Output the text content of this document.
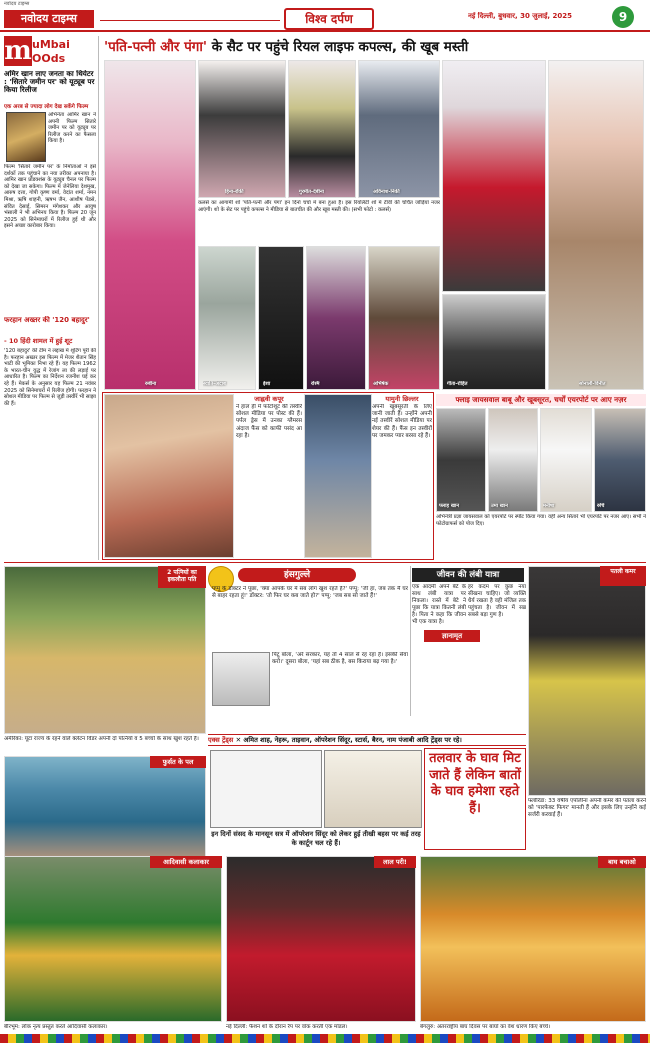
नवोदय टाइम्स
नवोदय टाइम्स	विश्व दर्पण	नई दिल्ली, बुधवार, 30 जुलाई, 2025	9
m uMbai
OOds
अमिर खान लाए जनता का थियेटर : 'सितारे जमीन पर' को यूट्यूब पर किया रिलीज
एक अरब से ज्यादा लोग देख सकेंगे फिल्म
अभिनेता आमिर खान ने अपनी फिल्म सितारे जमीन पर को यूट्यूब पर रिलीज करने का फैसला किया है।
फिल्म 'सितारे जमीन पर' के निर्माताओं ने इसे दर्शकों तक पहुंचाने का नया तरीका अपनाया है। आमिर खान प्रोडक्शंस के यूट्यूब चैनल पर फिल्म को देखा जा सकेगा। फिल्म में जेनेलिया देशमुख, आरुष दत्ता, गोपी कृष्ण वर्मा, वेदांत शर्मा, नमन मिश्रा, ऋषि शाहनी, ऋषभ जैन, आशीष पेंडसे, संवित देसाई, सिमरन मंगेशकर और आयुष भंसाली ने भी अभिनय किया है। फिल्म 20 जून 2025 को सिनेमाघरों में रिलीज हुई थी और इसने अच्छा कारोबार किया।
फरहान अख्तर की '120 बहादुर'
- 10 हिंदी शामल में हुई शूट
'120 बहादुर' की टीम ने लद्दाख में शूटिंग पूरी की है। फरहान अख्तर इस फिल्म में मेजर शैतान सिंह भाटी की भूमिका निभा रहे हैं। यह फिल्म 1962 के भारत-चीन युद्ध में रेजांग ला की लड़ाई पर आधारित है। फिल्म का निर्देशन रजनीश घई कर रहे हैं। मेकर्स के अनुसार यह फिल्म 21 नवंबर 2025 को सिनेमाघरों में रिलीज होगी। फरहान ने सोशल मीडिया पर फिल्म से जुड़ी तस्वीरें भी साझा की हैं।
'पति-पत्नी और पंगा' के सैट पर पहुंचे रियल लाइफ कपल्स, की खूब मस्ती
रुबीना
हिना-रॉकी	गुरमीत-देबीना	अविनाश-निकी
सोनाली-विनीत
कलर्स का आगामी शो 'पति-पत्नी और पंगा' इन दिनों चर्चा में बना हुआ है। इस रियलिटी शो में टीवी की चर्चित जोड़ियां नजर आएंगी। शो के सेट पर पहुंचे कपल्स ने मीडिया से बातचीत की और खूब मस्ती की। (सभी फोटो : कलर्स)
स्वाति-अदाब	ईशा	रश्मि	अभिषेक	गीता-रोहित
जाह्नवी कपूर
ने हाल ही में फोटोशूट की तस्वीरें सोशल मीडिया पर पोस्ट की हैं। पर्पल ड्रेस में उनका ग्लैमरस अंदाज फैंस को काफी पसंद आ रहा है।
यामुनी छिल्लर
अपनी खूबसूरती के लिए जानी जाती हैं। उन्होंने अपनी नई तस्वीरें सोशल मीडिया पर शेयर की हैं। फैंस इन तस्वीरों पर जमकर प्यार बरसा रहे हैं।
फ्लाइ जायसवाल बाबू और खूबसूरत, चर्चों एयरपोर्ट पर आए नज़र
फ्लाह खान	उमा खान	मनीषा	रुचि
अभिनेत्री प्रज्ञा जायसवाल को एयरपोर्ट पर स्पॉट किया गया। वहीं अन्य सितारे भी एयरपोर्ट पर नजर आए। सभी ने फोटोग्राफर्स को पोज दिए।
2 पत्नियों का इकलौता पति
अमेरिका: यूटा राज्य के रहने वाले क्लेटन विंडर अपनी दो पत्नियों व 5 बच्चों के साथ खुश रहते हैं।
हंसगुल्ले
पप्पू के डॉक्टर ने पूछा, 'क्या आपके घर में सब लोग खुश रहते हैं?' पप्पू: 'जी हां, जब तक मैं घर से बाहर रहता हूं!' डॉक्टर: 'तो फिर घर कब जाते हो?' पप्पू: 'जब सब सो जाते हैं!'
पिंटू बोला, 'अरे सरकार, यह तो 4 साल से रह रहा है। इसकी सेवा करो।' दूसरा बोला, 'यहां सब ठीक है, बस किराया बढ़ गया है।'
जीवन की लंबी यात्रा
एक आदमी अपने बेटे के साथ लंबी यात्रा पर निकला। रास्ते में बेटे ने पूछा कि यात्रा कितनी लंबी है। पिता ने कहा कि जीवन भी एक यात्रा है।
हर कदम पर कुछ नया सीखना चाहिए। जो व्यक्ति धैर्य रखता है वही मंजिल तक पहुंचता है। जीवन में सब्र सबसे बड़ा गुण है।
ज्ञानामृत
पतली कमर
फ्लोरिडा: 33 वर्षीय एपोलीना अपनी कमर की पतला करने को 'पारफेक्ट फिगर' मानती हैं और इसके लिए उन्होंने कई सर्जरी करवाई हैं।
एक्स ट्रेंड्स ✕ अमित शाह, नेहरू, ताइवान, ऑपरेशन सिंदूर, स्टार्स, बैरन, नाम पंजाबी आदि ट्रेंड्स पर रहे।
फुर्सत के पल
इन दिनों संसद के मानसून सत्र में ऑपरेशन सिंदूर को लेकर हुई तीखी बहस पर कई तरह के कार्टून चल रहे हैं।
तलवार के घाव मिट जाते हैं लेकिन बातों के घाव हमेशा रहते हैं।
आदिवासी कलाकार
बीरभूम: लोक नृत्य प्रस्तुत करते आदिवासी कलाकार।
लाल परी!
नई दिल्ली: फैशन शो के दौरान रैंप पर वॉक करती एक मॉडल।
बाघ बचाओ
बेंगलुरु: अंतरराष्ट्रीय बाघ दिवस पर बाघों का वेश धारण किए बच्चे।
